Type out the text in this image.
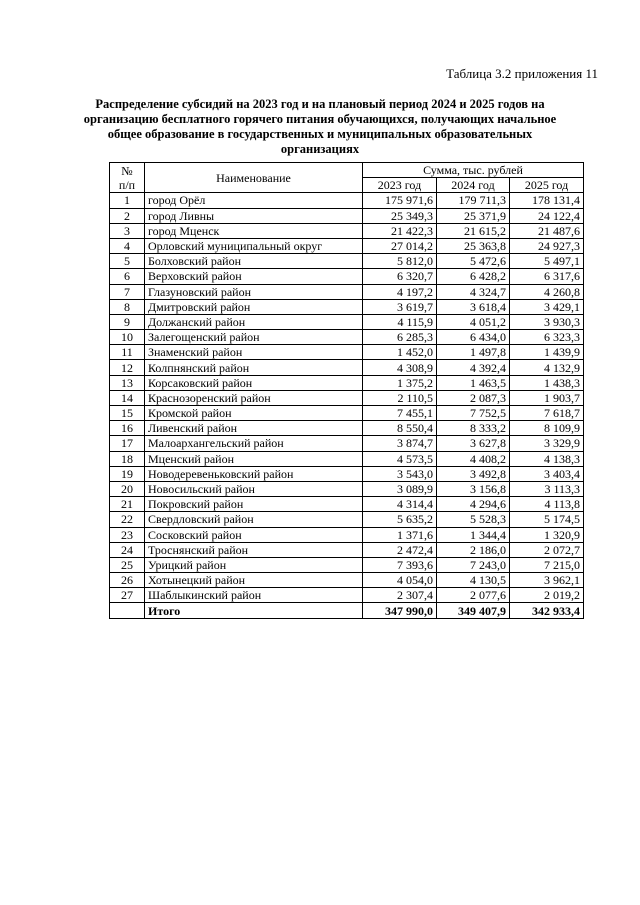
Таблица 3.2 приложения 11
Распределение субсидий на 2023 год и на плановый период 2024 и 2025 годов на организацию бесплатного горячего питания обучающихся, получающих начальное общее образование в государственных и муниципальных образовательных организациях
№
п/п	Наименование	Сумма, тыс. рублей		
		2023 год	2024 год	2025 год
1	город Орёл	175 971,6	179 711,3	178 131,4
2	город Ливны	25 349,3	25 371,9	24 122,4
3	город Мценск	21 422,3	21 615,2	21 487,6
4	Орловский муниципальный округ	27 014,2	25 363,8	24 927,3
5	Болховский район	5 812,0	5 472,6	5 497,1
6	Верховский район	6 320,7	6 428,2	6 317,6
7	Глазуновский район	4 197,2	4 324,7	4 260,8
8	Дмитровский район	3 619,7	3 618,4	3 429,1
9	Должанский район	4 115,9	4 051,2	3 930,3
10	Залегощенский район	6 285,3	6 434,0	6 323,3
11	Знаменский район	1 452,0	1 497,8	1 439,9
12	Колпнянский район	4 308,9	4 392,4	4 132,9
13	Корсаковский район	1 375,2	1 463,5	1 438,3
14	Краснозоренский район	2 110,5	2 087,3	1 903,7
15	Кромской район	7 455,1	7 752,5	7 618,7
16	Ливенский район	8 550,4	8 333,2	8 109,9
17	Малоархангельский район	3 874,7	3 627,8	3 329,9
18	Мценский район	4 573,5	4 408,2	4 138,3
19	Новодеревеньковский район	3 543,0	3 492,8	3 403,4
20	Новосильский район	3 089,9	3 156,8	3 113,3
21	Покровский район	4 314,4	4 294,6	4 113,8
22	Свердловский район	5 635,2	5 528,3	5 174,5
23	Сосковский район	1 371,6	1 344,4	1 320,9
24	Троснянский район	2 472,4	2 186,0	2 072,7
25	Урицкий район	7 393,6	7 243,0	7 215,0
26	Хотынецкий район	4 054,0	4 130,5	3 962,1
27	Шаблыкинский район	2 307,4	2 077,6	2 019,2
	Итого	347 990,0	349 407,9	342 933,4
